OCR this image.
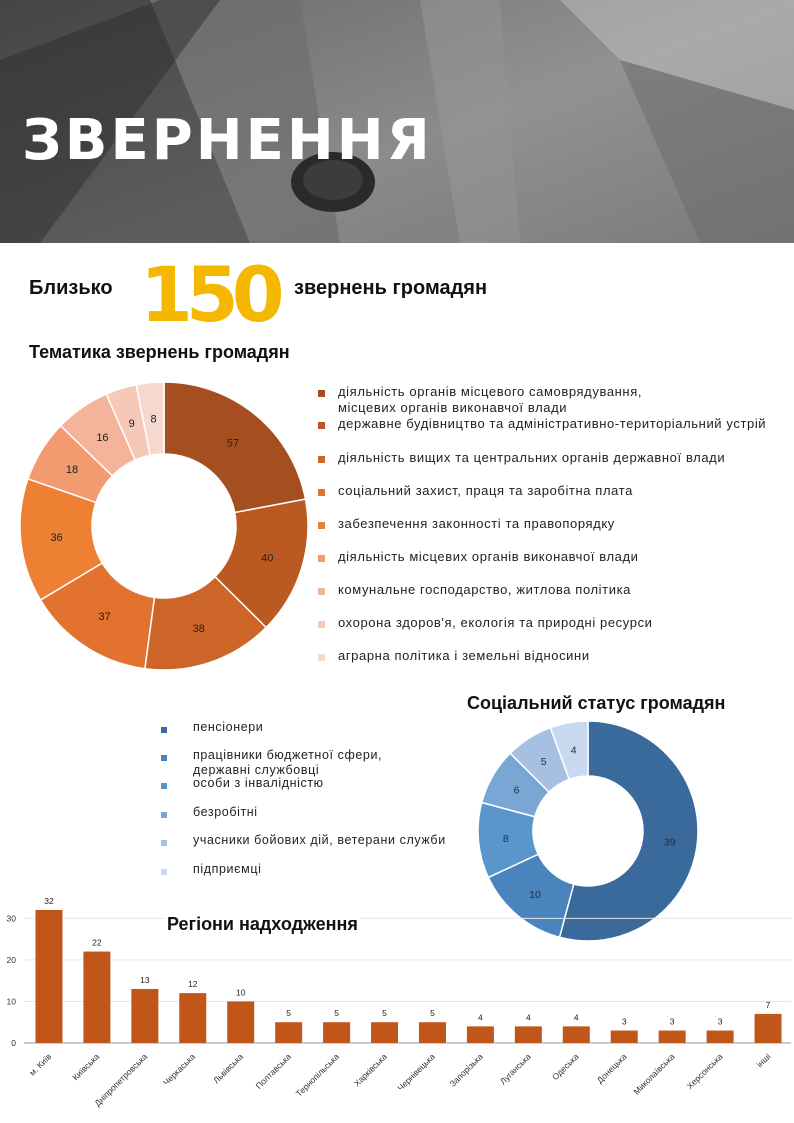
ЗВЕРНЕННЯ
Близько 150 звернень громадян
Тематика звернень громадян
57
40
38
37
36
18
16
9 8
діяльність органів місцевого самоврядування,
місцевих органів виконавчої влади
державне будівництво та адміністративно-територіальний устрій
діяльність вищих та центральних органів державної влади
соціальний захист, праця та заробітна плата
забезпечення законності та правопорядку
діяльність місцевих органів виконавчої влади
комунальне господарство, житлова політика
охорона здоров'я, екологія та природні ресурси
аграрна політика і земельні відносини
Соціальний статус громадян
пенсіонери
працівники бюджетної сфери,
державні службовці
особи з інвалідністю
безробітні
учасники бойових дій, ветерани служби
підприємці
39
10
8
6
5
4
0
10
20
30
32
м. Київ
22
Київська
13
Дніпропетровська
12
Черкаська
10
Львівська
5
Полтавська
5
Тернопільська
5
Харківська
5
Чернівецька
4
Запорізька
4
Луганська
4
Одеська
3
Донецька
3
Миколаївська
3
Херсонська
7
інші
Регіони надходження
